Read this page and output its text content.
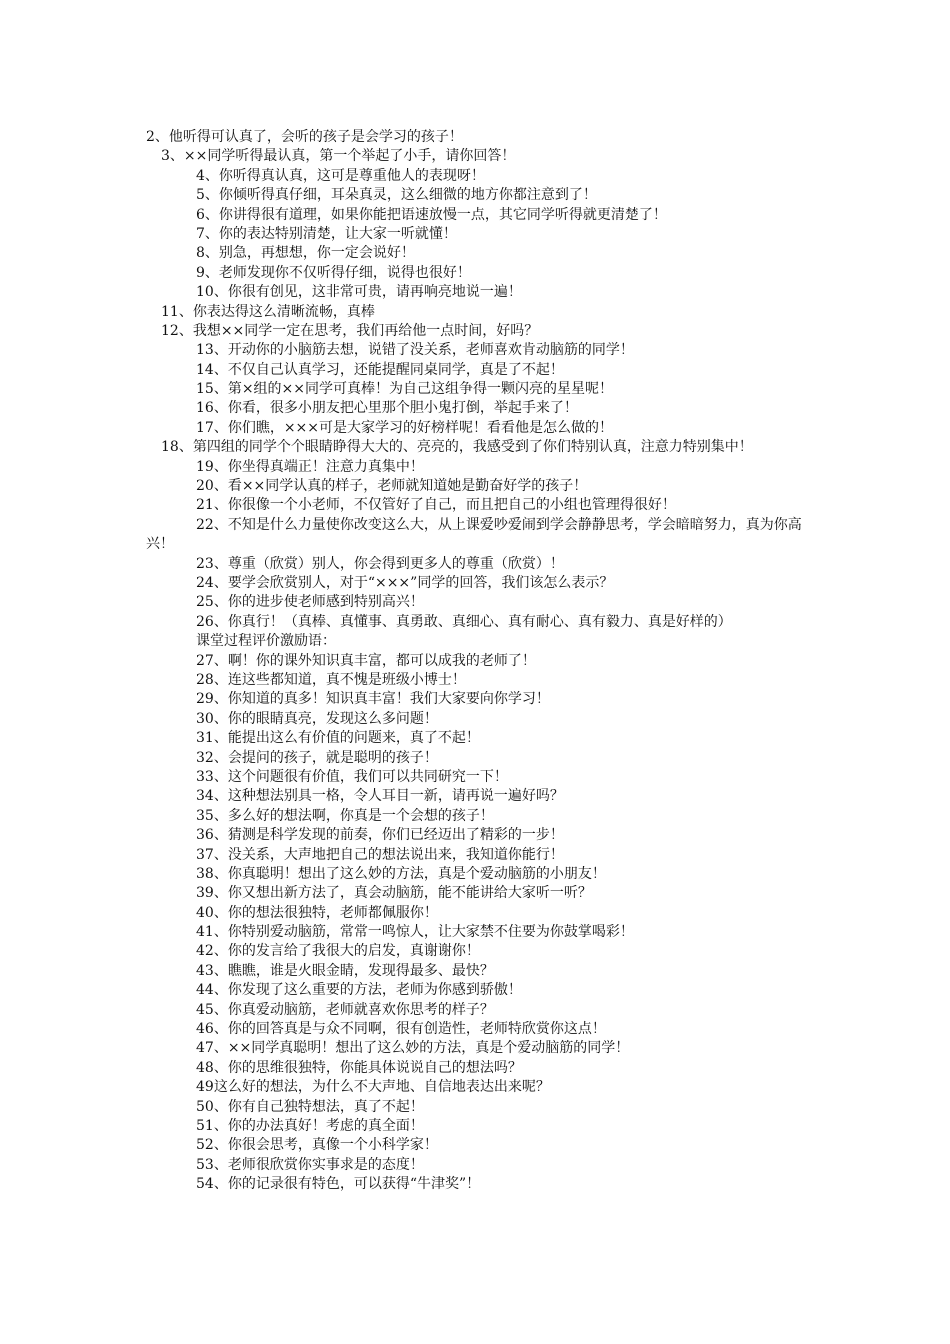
2、他听得可认真了，会听的孩子是会学习的孩子！
3、××同学听得最认真，第一个举起了小手，请你回答！
4、你听得真认真，这可是尊重他人的表现呀！
5、你倾听得真仔细，耳朵真灵，这么细微的地方你都注意到了！
6、你讲得很有道理，如果你能把语速放慢一点，其它同学听得就更清楚了！
7、你的表达特别清楚，让大家一听就懂！
8、别急，再想想，你一定会说好！
9、老师发现你不仅听得仔细，说得也很好！
10、你很有创见，这非常可贵，请再响亮地说一遍！
11、你表达得这么清晰流畅，真棒
12、我想××同学一定在思考，我们再给他一点时间，好吗？
13、开动你的小脑筋去想，说错了没关系，老师喜欢肯动脑筋的同学！
14、不仅自己认真学习，还能提醒同桌同学，真是了不起！
15、第×组的××同学可真棒！为自己这组争得一颗闪亮的星星呢！
16、你看，很多小朋友把心里那个胆小鬼打倒，举起手来了！
17、你们瞧，×××可是大家学习的好榜样呢！看看他是怎么做的！
18、第四组的同学个个眼睛睁得大大的、亮亮的，我感受到了你们特别认真，注意力特别集中！
19、你坐得真端正！注意力真集中！
20、看××同学认真的样子，老师就知道她是勤奋好学的孩子！
21、你很像一个小老师，不仅管好了自己，而且把自己的小组也管理得很好！
22、不知是什么力量使你改变这么大，从上课爱吵爱闹到学会静静思考，学会暗暗努力，真为你高兴！
23、尊重（欣赏）别人，你会得到更多人的尊重（欣赏）！
24、要学会欣赏别人，对于“×××”同学的回答，我们该怎么表示？
25、你的进步使老师感到特别高兴！
26、你真行！（真棒、真懂事、真勇敢、真细心、真有耐心、真有毅力、真是好样的）
课堂过程评价激励语：
27、啊！你的课外知识真丰富，都可以成我的老师了！
28、连这些都知道，真不愧是班级小博士！
29、你知道的真多！知识真丰富！我们大家要向你学习！
30、你的眼睛真亮，发现这么多问题！
31、能提出这么有价值的问题来，真了不起！
32、会提问的孩子，就是聪明的孩子！
33、这个问题很有价值，我们可以共同研究一下！
34、这种想法别具一格，令人耳目一新，请再说一遍好吗？
35、多么好的想法啊，你真是一个会想的孩子！
36、猜测是科学发现的前奏，你们已经迈出了精彩的一步！
37、没关系，大声地把自己的想法说出来，我知道你能行！
38、你真聪明！想出了这么妙的方法，真是个爱动脑筋的小朋友！
39、你又想出新方法了，真会动脑筋，能不能讲给大家听一听？
40、你的想法很独特，老师都佩服你！
41、你特别爱动脑筋，常常一鸣惊人，让大家禁不住要为你鼓掌喝彩！
42、你的发言给了我很大的启发，真谢谢你！
43、瞧瞧，谁是火眼金睛，发现得最多、最快？
44、你发现了这么重要的方法，老师为你感到骄傲！
45、你真爱动脑筋，老师就喜欢你思考的样子？
46、你的回答真是与众不同啊，很有创造性，老师特欣赏你这点！
47、××同学真聪明！想出了这么妙的方法，真是个爱动脑筋的同学！
48、你的思维很独特，你能具体说说自己的想法吗？
49这么好的想法，为什么不大声地、自信地表达出来呢？
50、你有自己独特想法，真了不起！
51、你的办法真好！考虑的真全面！
52、你很会思考，真像一个小科学家！
53、老师很欣赏你实事求是的态度！
54、你的记录很有特色，可以获得“牛津奖”！
